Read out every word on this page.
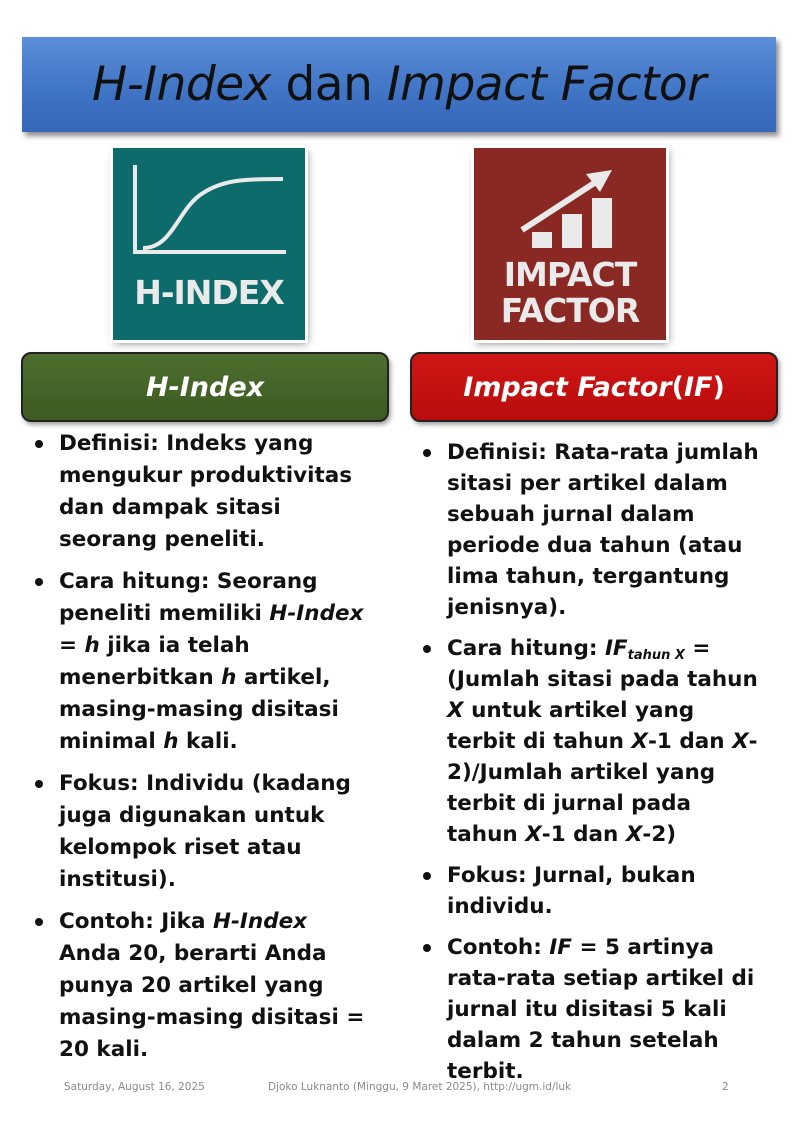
H-Index dan Impact Factor
H-INDEX	IMPACT
FACTOR
H-Index	Impact Factor ( IF )
Definisi: Indeks yang mengukur produktivitas dan dampak sitasi seorang peneliti.
Cara hitung: Seorang peneliti memiliki H-Index = h jika ia telah menerbitkan h artikel, masing-masing disitasi minimal h kali.
Fokus: Individu (kadang juga digunakan untuk kelompok riset atau institusi).
Contoh: Jika H-Index Anda 20, berarti Anda punya 20 artikel yang masing-masing disitasi = 20 kali.
Definisi: Rata-rata jumlah sitasi per artikel dalam sebuah jurnal dalam periode dua tahun (atau lima tahun, tergantung jenisnya).
Cara hitung: $IF_{tahun X}$ = (Jumlah sitasi pada tahun X untuk artikel yang terbit di tahun X-1 dan X-2)/Jumlah artikel yang terbit di jurnal pada tahun X-1 dan X-2)
Fokus: Jurnal, bukan individu.
Contoh: IF = 5 artinya rata-rata setiap artikel di jurnal itu disitasi 5 kali dalam 2 tahun setelah terbit.
Saturday, August 16, 2025	Djoko Luknanto (Minggu, 9 Maret 2025), http://ugm.id/luk	2
